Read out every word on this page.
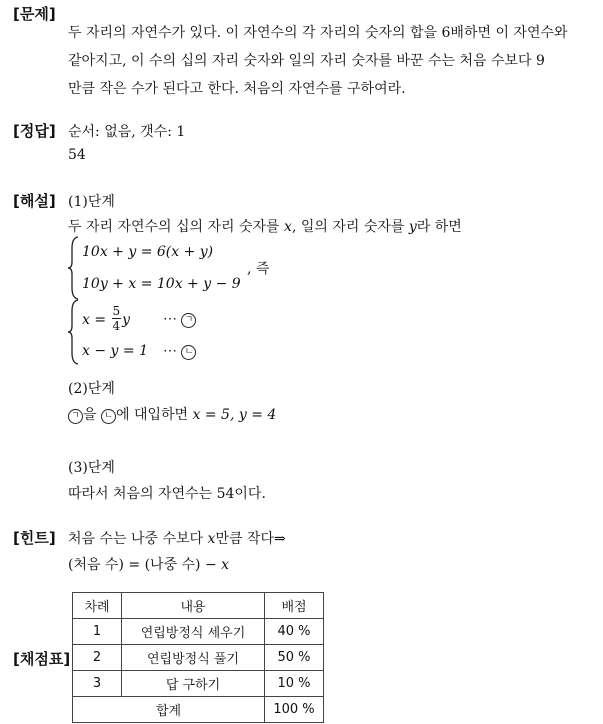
[문제]
[정답]
[해설]
[힌트]
[채점표]
두 자리의 자연수가 있다. 이 자연수의 각 자리의 숫자의 합을 6배하면 이 자연수와
같아지고, 이 수의 십의 자리 숫자와 일의 자리 숫자를 바꾼 수는 처음 수보다 9
만큼 작은 수가 된다고 한다. 처음의 자연수를 구하여라.
순서: 없음, 갯수: 1
54
(1)단계
두 자리 자연수의 십의 자리 숫자를 x, 일의 자리 숫자를 y라 하면
10x + y = 6(x + y)
10y + x = 10x + y − 9
, 즉
$x = \frac{5}{4}$ y ⋯ ㄱ
x − y = 1 ⋯ ㄴ
(2)단계
ㄱ 을 ㄴ 에 대입하면 x = 5, y = 4
(3)단계
따라서 처음의 자연수는 54이다.
처음 수는 나중 수보다 x만큼 작다⇒
(처음 수) = (나중 수) − x
차례	내용	배점
1	연립방정식 세우기	40 %
2	연립방정식 풀기	50 %
3	답 구하기	10 %
합계		100 %
